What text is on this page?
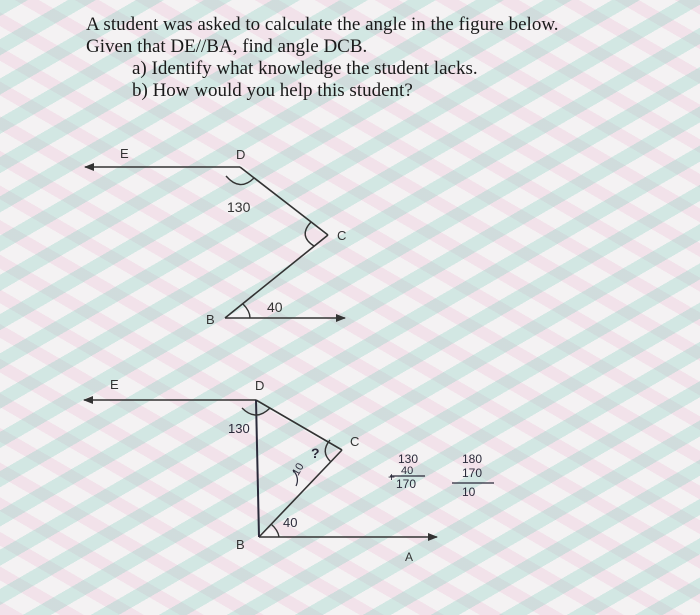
A student was asked to calculate the angle in the figure below.
Given that DE//BA, find angle DCB.
a) Identify what knowledge the student lacks.
b) How would you help this student?
E	D
C
B
130
40
E	D
C
B
A
130
40
?
10
130
40
+ 170
180
170
10
